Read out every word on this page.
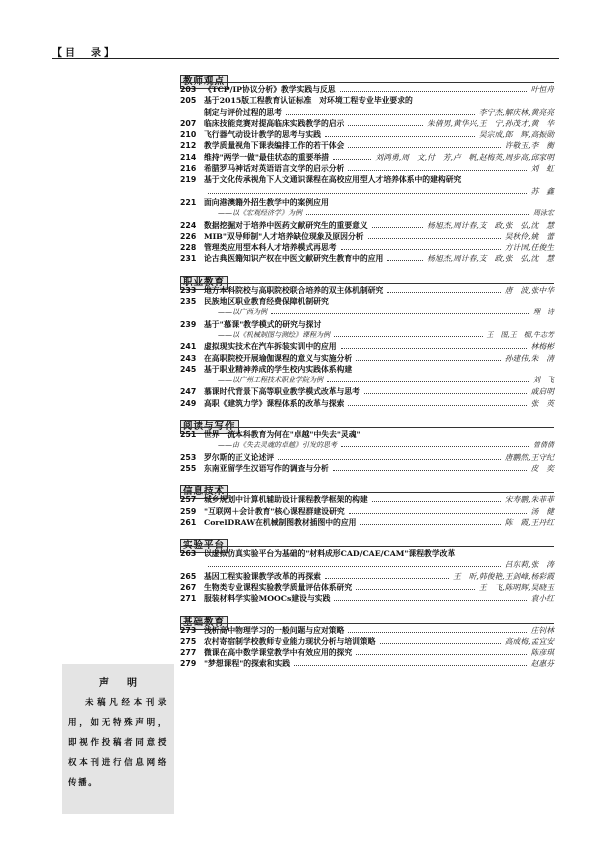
【目　录】
教师观点
203 《TCP/IP协议分析》教学实践与反思	叶恒舟
205 基于2015版工程教育认证标准　对环境工程专业毕业要求的
制定与评价过程的思考	李宁杰,解庆林,黄亮亮
207 临床技能竞赛对提高临床实践教学的启示	朱倩男,黄华兴,王　宁,孙茂才,黄　华
210 飞行器气动设计教学的思考与实践	吴宗成,郎　辉,高振勋
212 教学质量视角下课表编排工作的若干体会	许敬玉,李　衡
214 维持"两学一做"最佳状态的重要举措	刘鸿勇,周　文,付　芳,卢　帆,赵梅英,周步高,邱家明
216 希腊罗马神话对英语语言文学的启示分析	刘　虹
219 基于文化传承视角下人文通识课程在高校应用型人才培养体系中的建构研究
苏　鑫
221 面向港澳籍外招生教学中的案例应用
——以《宏观经济学》为例	周泳宏
224 数据挖掘对于培养中医药文献研究生的重要意义	杨旭杰,周计春,支　政,张　弘,沈　慧
226 MIB"双导师制"人才培养缺位现象及原因分析	吴秋伶,姚　蕾
228 管理类应用型本科人才培养模式再思考	方计国,任俊生
231 论古典医籍知识产权在中医文献研究生教育中的应用	杨旭杰,周计春,支　政,张　弘,沈　慧
职业教育
233 地方本科院校与高职院校联合培养的双主体机制研究	唐　波,张中华
235 民族地区职业教育经费保障机制研究
——以广西为例	理　诗
239 基于"慕课"教学模式的研究与探讨
——以《机械制图与测绘》课程为例	王　图,王　榴,牛志芳
241 虚拟现实技术在汽车拆装实训中的应用	林梅彬
243 在高职院校开展瑜伽课程的意义与实施分析	孙建伟,朱　清
245 基于职业精神养成的学生校内实践体系构建
——以广州工程技术职业学院为例	刘　飞
247 慕课时代背景下高等职业教学模式改革与思考	戚启明
249 高职《建筑力学》课程体系的改革与探索	张　英
阅读与写作
251 世界一流本科教育为何在"卓越"中失去"灵魂"
——由《失去灵魂的卓越》引发的思考	曾倩倩
253 罗尔斯的正义论述评	唐鹏然,王守纪
255 东南亚留学生汉语写作的调查与分析	皮　奕
信息技术
257 城乡规划中计算机辅助设计课程教学框架的构建	宋寿鹏,朱菲菲
259 "互联网＋会计教育"核心课程群建设研究	汤　健
261 CorelDRAW在机械制图教材插图中的应用	陈　霞,王丹红
实验平台
263 以虚拟仿真实验平台为基础的"材料成形CAD/CAE/CAM"课程教学改革
吕东莉,张　涛
265 基因工程实验课教学改革的再探索	王　昕,韩俊艳,王剑峰,杨彩霞
267 生物类专业课程实验教学质量评估体系研究	王　飞,陈明辉,吴晓玉
271 服装材料学实验MOOCs建设与实践	袁小红
基础教育
273 浅析高中物理学习的一般问题与应对策略	庄钊林
275 农村寄宿制学校教师专业能力现状分析与培训策略	高成梅,孟宜安
277 微课在高中数学课堂教学中有效应用的探究	陈彦琪
279 "梦想课程"的探索和实践	赵惠芬
声明
未稿凡经本刊录用，如无特殊声明，即视作投稿者同意授权本刊进行信息网络传播。
